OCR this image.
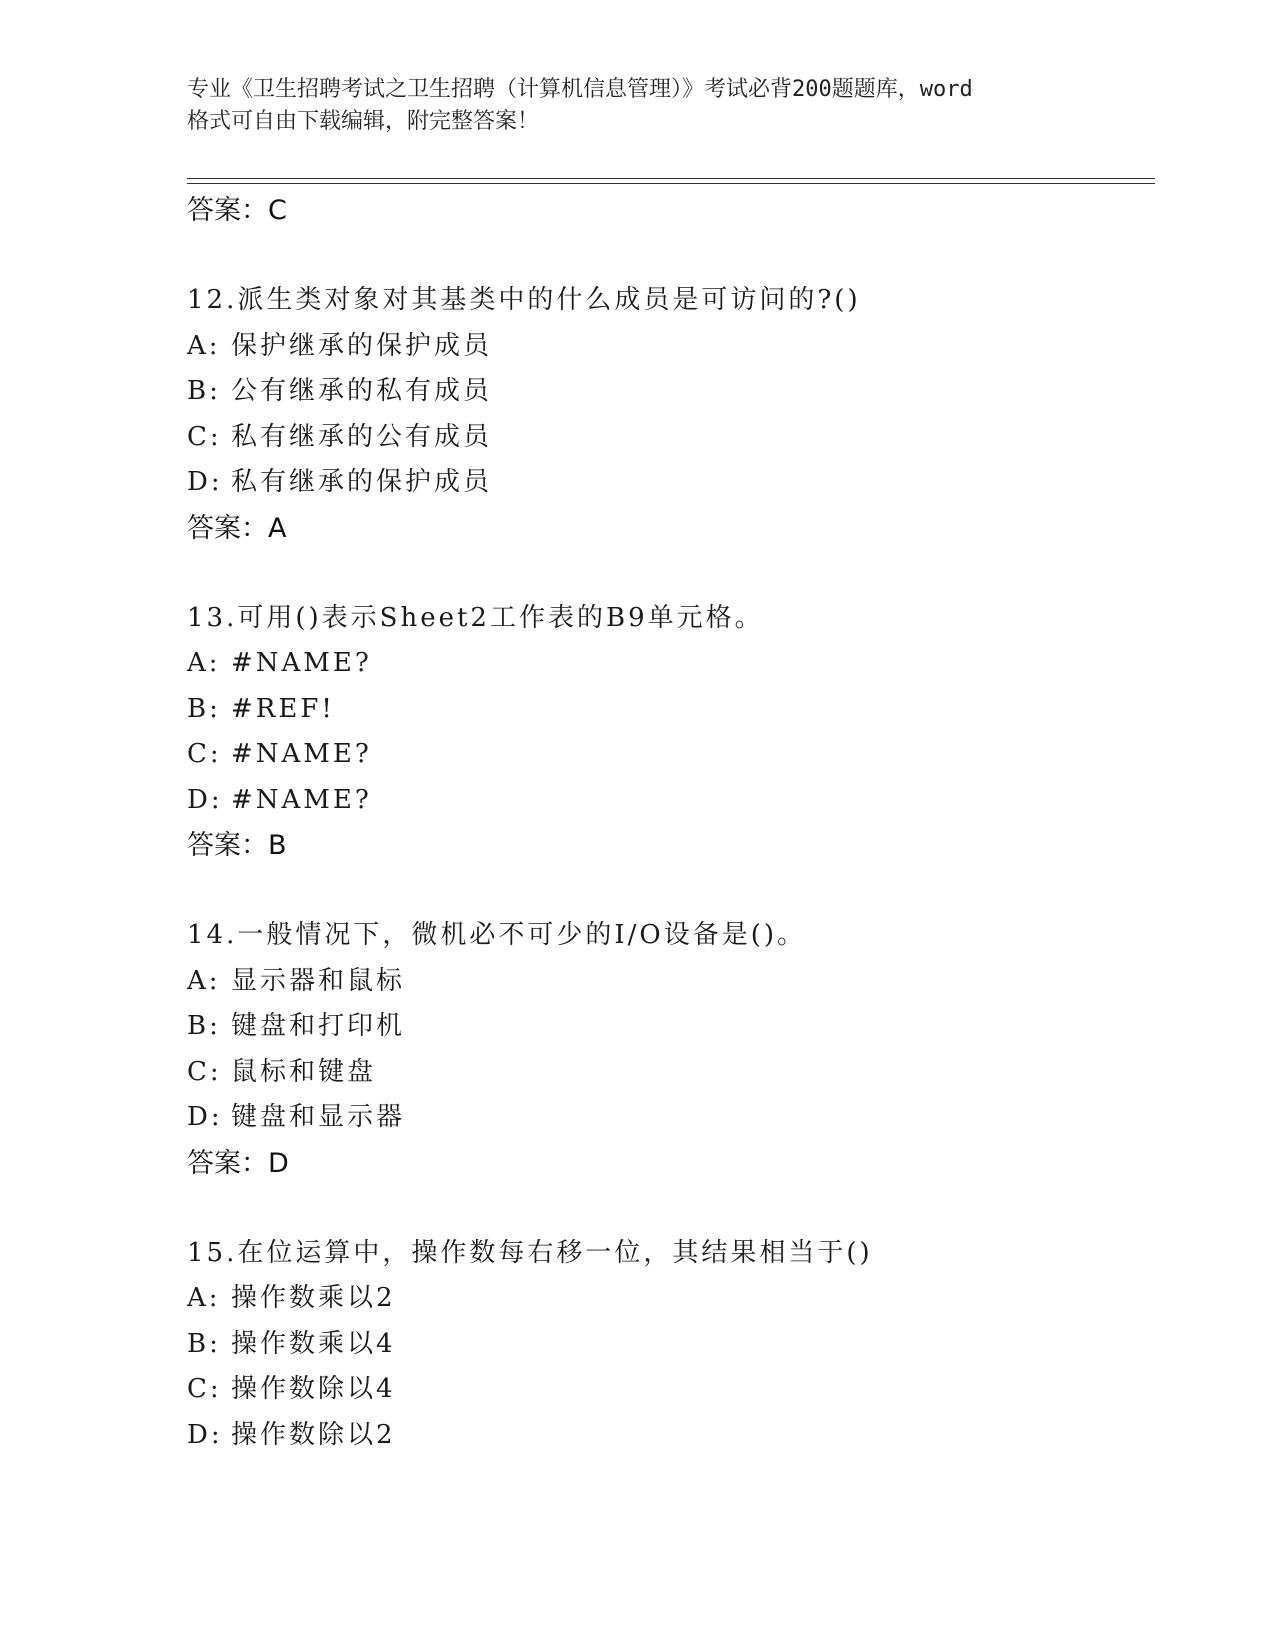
专业《卫生招聘考试之卫生招聘（计算机信息管理）》考试必背200题题库，word
格式可自由下载编辑，附完整答案！
答案：C
12.派生类对象对其基类中的什么成员是可访问的?()
A: 保护继承的保护成员
B: 公有继承的私有成员
C: 私有继承的公有成员
D: 私有继承的保护成员
答案：A
13.可用()表示Sheet2工作表的B9单元格。
A: #NAME?
B: #REF!
C: #NAME?
D: #NAME?
答案：B
14.一般情况下，微机必不可少的I/O设备是()。
A: 显示器和鼠标
B: 键盘和打印机
C: 鼠标和键盘
D: 键盘和显示器
答案：D
15.在位运算中，操作数每右移一位，其结果相当于()
A: 操作数乘以2
B: 操作数乘以4
C: 操作数除以4
D: 操作数除以2
